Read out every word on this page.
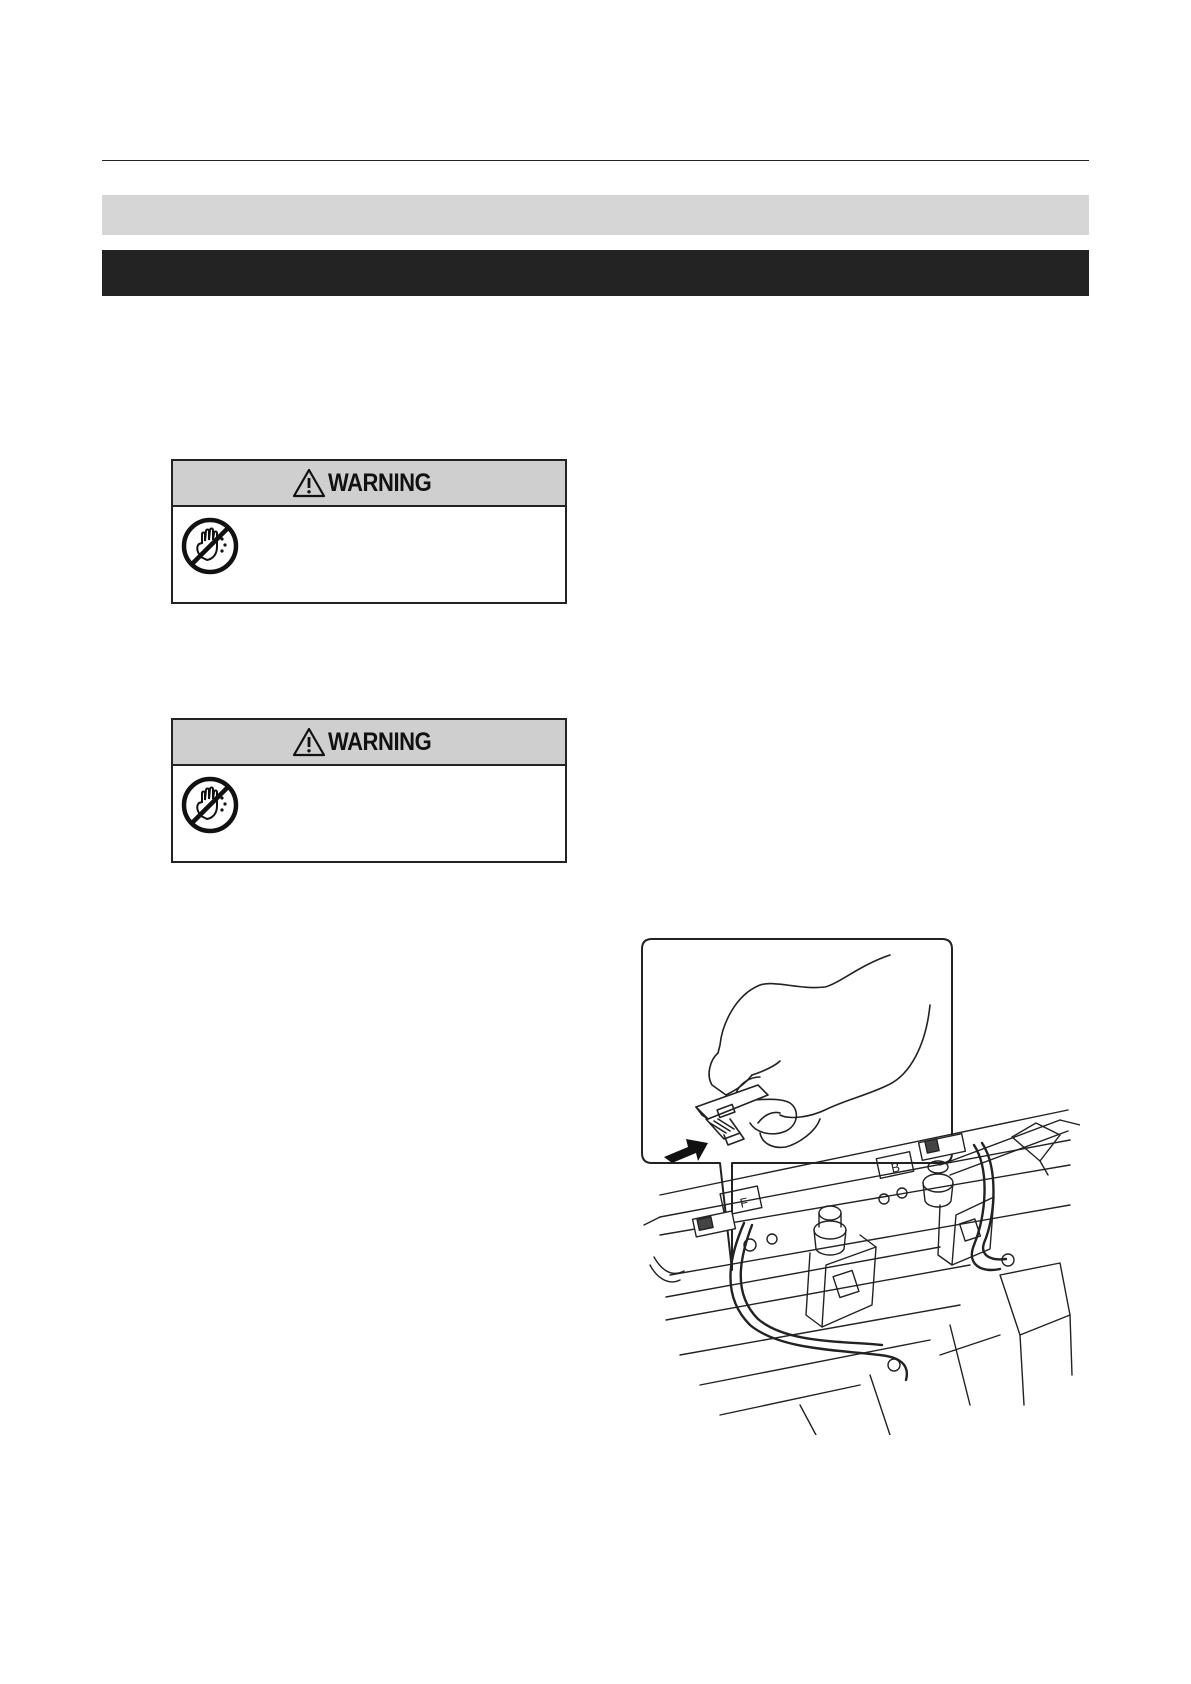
WARNING
WARNING
F
B
